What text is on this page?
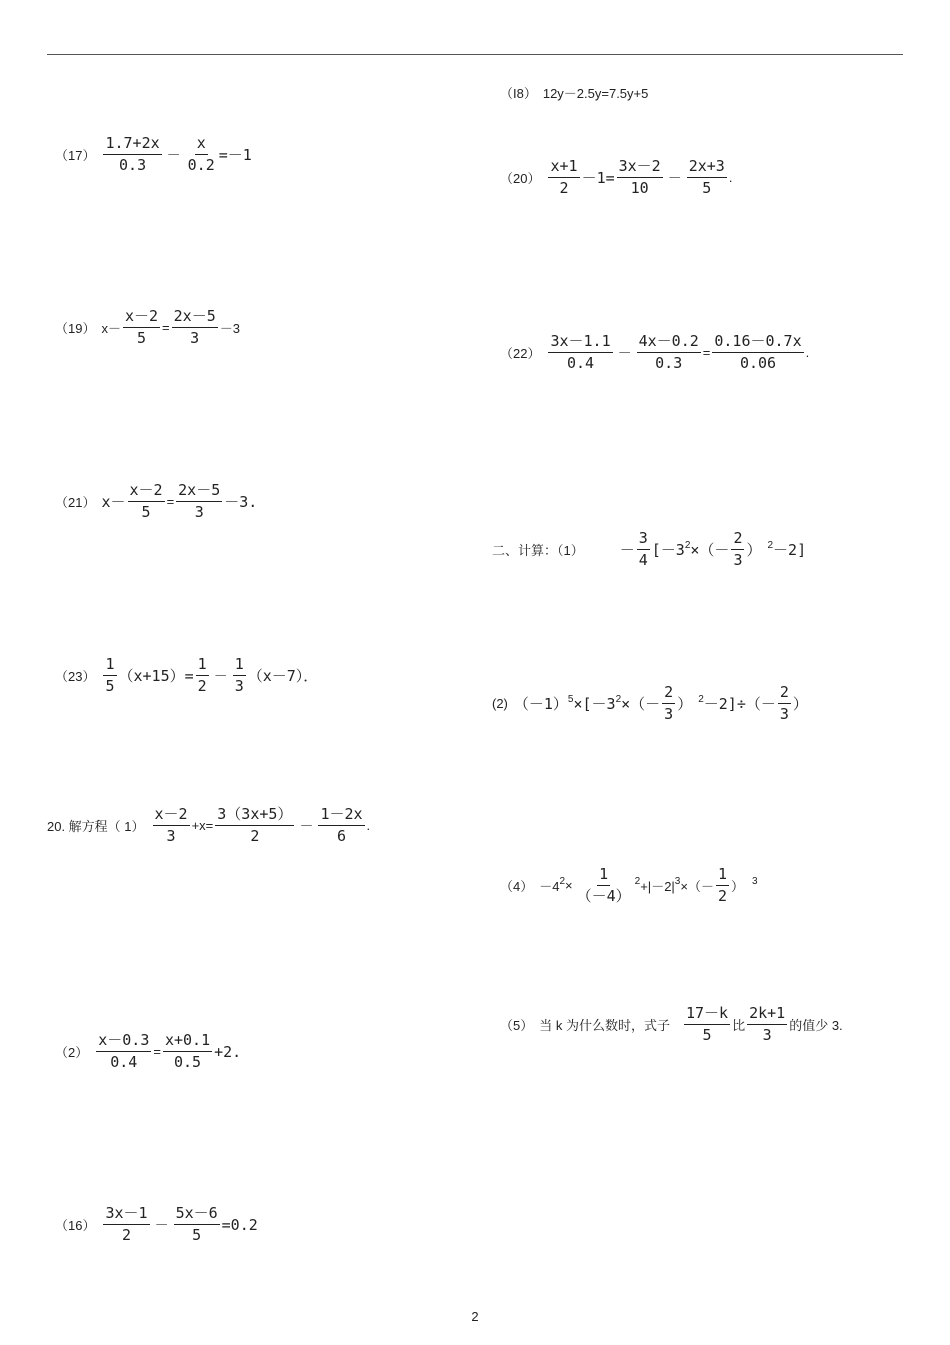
（I8） 12y－2.5y=7.5y+5
$(17) \frac{1.7+2x}{0.3} - \frac{x}{0.2} =-1$
$(20) \frac{x+1}{2} -1= \frac{3x-2}{10} - \frac{2x+3}{5}$ .
（19） $x- \frac{x-2}{5} = \frac{2x-5}{3} -3$
$(22) \frac{3x-1.1}{0.4} - \frac{4x-0.2}{0.3} = \frac{0.16-0.7x}{0.06}$ .
（21） $x- \frac{x-2}{5} = \frac{2x-5}{3} -3$.
二、计算：$(1) - \frac{3}{4} [-3^2$ ×（－ $\frac{2}{3}$ ） $^2$ －2]
$(23) \frac{1}{5} (x+15)= \frac{1}{2} - \frac{1}{3} (x-7)$．
(2) $(-1)^5 \times[-3^2$ ×（－ $\frac{2}{3}$ ） $^2 -2]\div(- \frac{2}{3}$ ）
20. 解方程（ $1) \frac{x-2}{3} +x= \frac{3(3x+5)}{2} - \frac{1-2x}{6}$ .
$(4) -4^2 \times \frac{1}{(-4)}^2 +|-2|^3$ ×（－ $\frac{1}{2}$ ） $^3$
（5） 当 k 为什么数时，式子 $\frac{17-k}{5}$ 比 $\frac{2k+1}{3}$ 的值少 3.
$(2) \frac{x-0.3}{0.4} = \frac{x+0.1}{0.5} +2$.
$(16) \frac{3x-1}{2} - \frac{5x-6}{5} =0.2$
2
